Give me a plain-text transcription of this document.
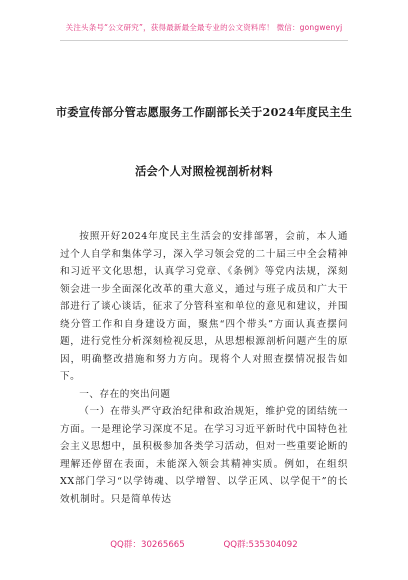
关注头条号“公文研究”，获得最新最全最专业的公文资料库！ 微信：gongwenyj
市委宣传部分管志愿服务工作副部长关于2024年度民主生
活会个人对照检视剖析材料

按照开好2024年度民主生活会的安排部署，会前，本人通过个人自学和集体学习，深入学习领会党的二十届三中全会精神和习近平文化思想，认真学习党章、《条例》等党内法规，深刻领会进一步全面深化改革的重大意义，通过与班子成员和广大干部进行了谈心谈话，征求了分管科室和单位的意见和建议，并围绕分管工作和自身建设方面，聚焦“四个带头”方面认真查摆问题，进行党性分析深刻检视反思，从思想根源剖析问题产生的原因，明确整改措施和努力方向。现将个人对照查摆情况报告如下。

一、存在的突出问题

（一）在带头严守政治纪律和政治规矩，维护党的团结统一方面。一是理论学习深度不足。在学习习近平新时代中国特色社会主义思想中，虽积极参加各类学习活动，但对一些重要论断的理解还停留在表面，未能深入领会其精神实质。例如，在组织XX部门学习“以学铸魂、以学增智、以学正风、以学促干”的长效机制时。只是简单传达

QQ群：30265665	QQ群:535304092
